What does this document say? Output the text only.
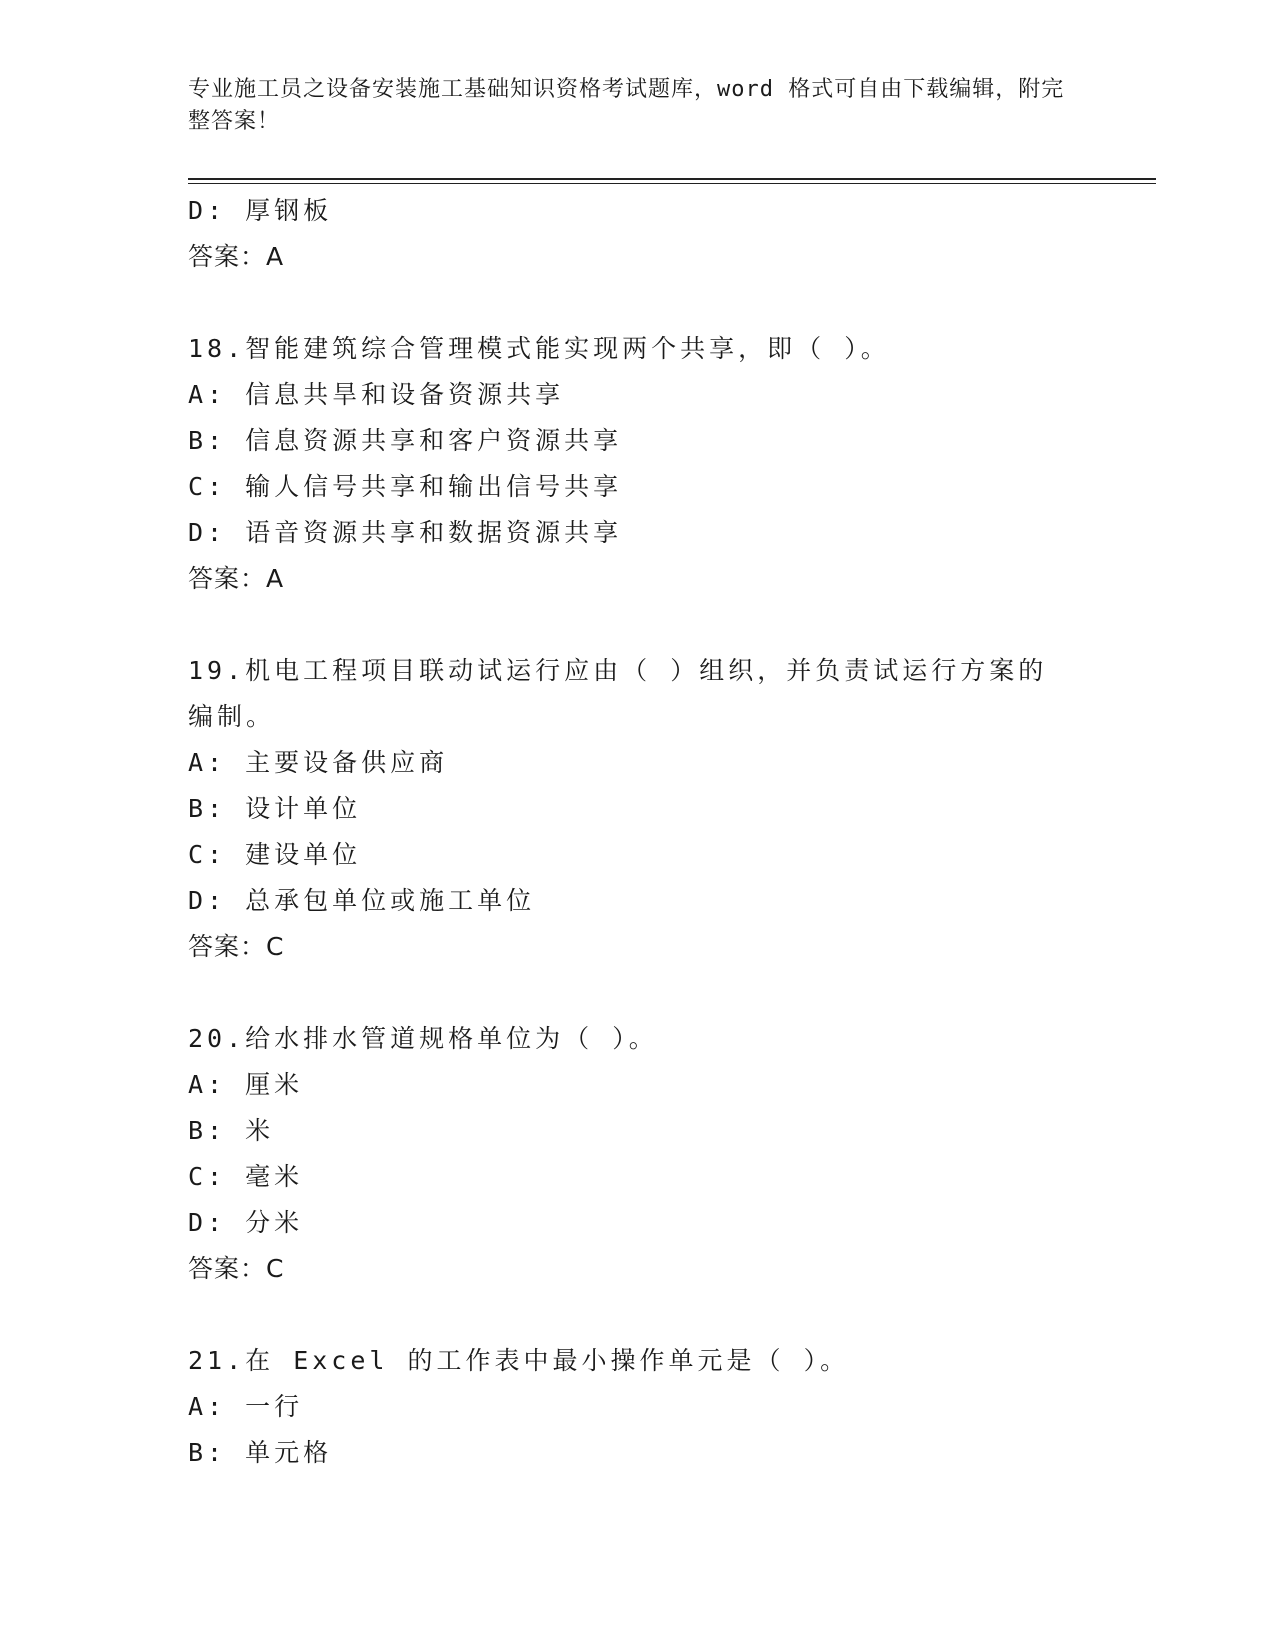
专业施工员之设备安装施工基础知识资格考试题库，word 格式可自由下载编辑，附完整答案！
D: 厚钢板
答案：A
18.智能建筑综合管理模式能实现两个共享，即（ ）。
A: 信息共旱和设备资源共享
B: 信息资源共享和客户资源共享
C: 输人信号共享和输出信号共享
D: 语音资源共享和数据资源共享
答案：A
19.机电工程项目联动试运行应由（ ）组织，并负责试运行方案的编制。
A: 主要设备供应商
B: 设计单位
C: 建设单位
D: 总承包单位或施工单位
答案：C
20.给水排水管道规格单位为（ ）。
A: 厘米
B: 米
C: 毫米
D: 分米
答案：C
21.在 Excel 的工作表中最小操作单元是（ ）。
A: 一行
B: 单元格
